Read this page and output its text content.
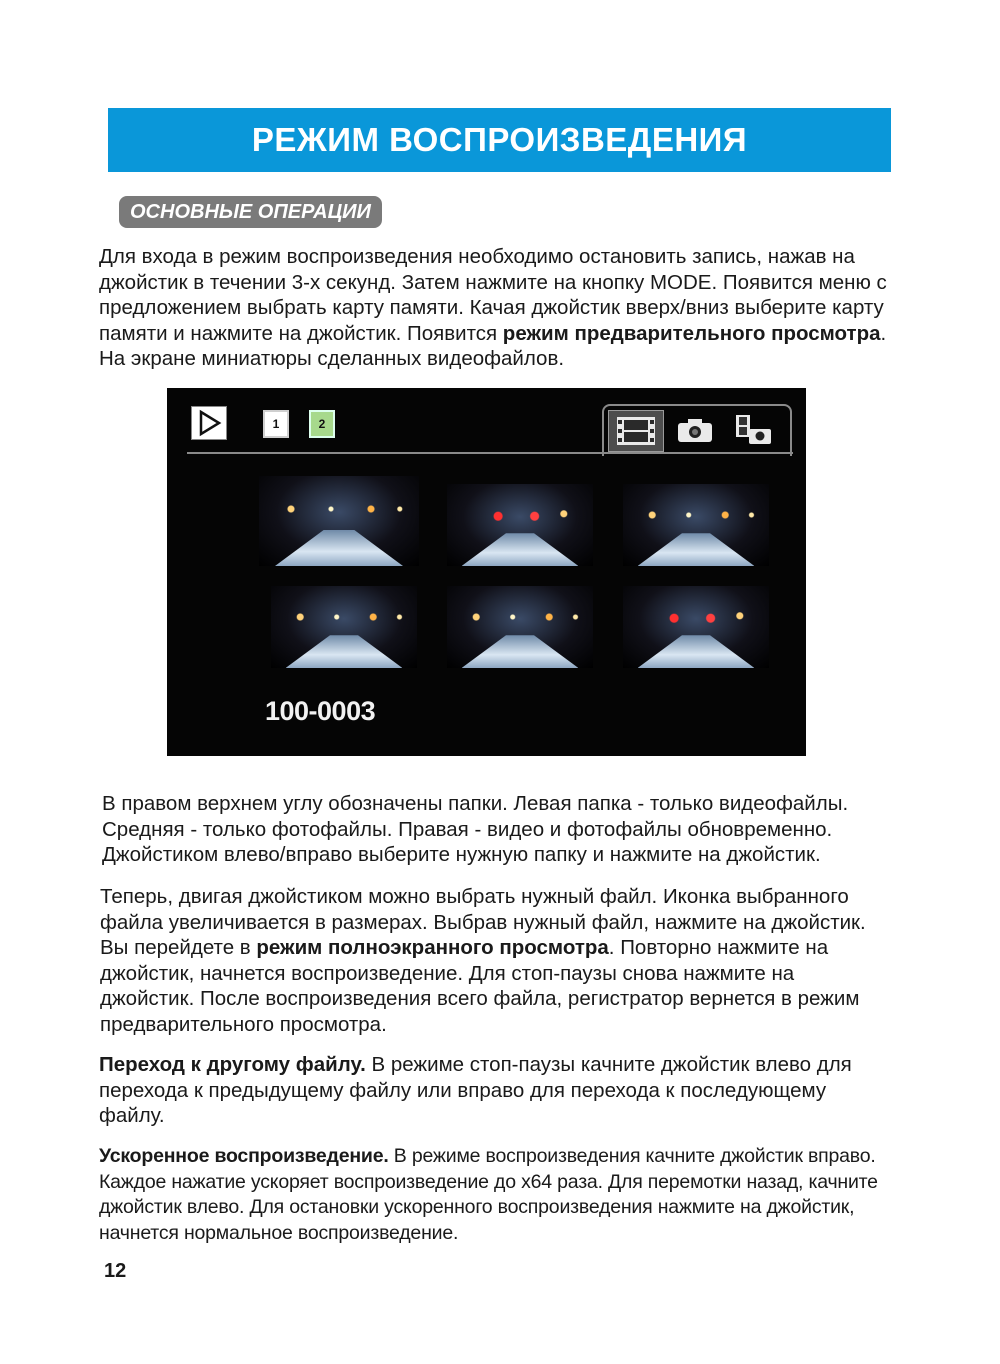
РЕЖИМ ВОСПРОИЗВЕДЕНИЯ
ОСНОВНЫЕ ОПЕРАЦИИ

Для входа в режим воспроизведения необходимо остановить запись, нажав на джойстик в течении 3-х секунд. Затем нажмите на кнопку MODE. Появится меню с предложением выбрать карту памяти. Качая джойстик вверх/вниз выберите карту памяти и нажмите на джойстик. Появится режим предварительного просмотра. На экране миниатюры сделанных видеофайлов.

1	2
100-0003

В правом верхнем углу обозначены папки. Левая папка - только видеофайлы. Средняя - только фотофайлы. Правая - видео и фотофайлы обновременно. Джойстиком влево/вправо выберите нужную папку и нажмите на джойстик.

Теперь, двигая джойстиком можно выбрать нужный файл. Иконка выбранного файла увеличивается в размерах. Выбрав нужный файл, нажмите на джойстик. Вы перейдете в режим полноэкранного просмотра. Повторно нажмите на джойстик, начнется воспроизведение. Для стоп-паузы снова нажмите на джойстик. После воспроизведения всего файла, регистратор вернется в режим предварительного просмотра.

Переход к другому файлу. В режиме стоп-паузы качните джойстик влево для перехода к предыдущему файлу или вправо для перехода к последующему файлу.

Ускоренное воспроизведение. В режиме воспроизведения качните джойстик вправо. Каждое нажатие ускоряет воспроизведение до х64 раза. Для перемотки назад, качните джойстик влево. Для остановки ускоренного воспроизведения нажмите на джойстик, начнется нормальное воспроизведение.

12
